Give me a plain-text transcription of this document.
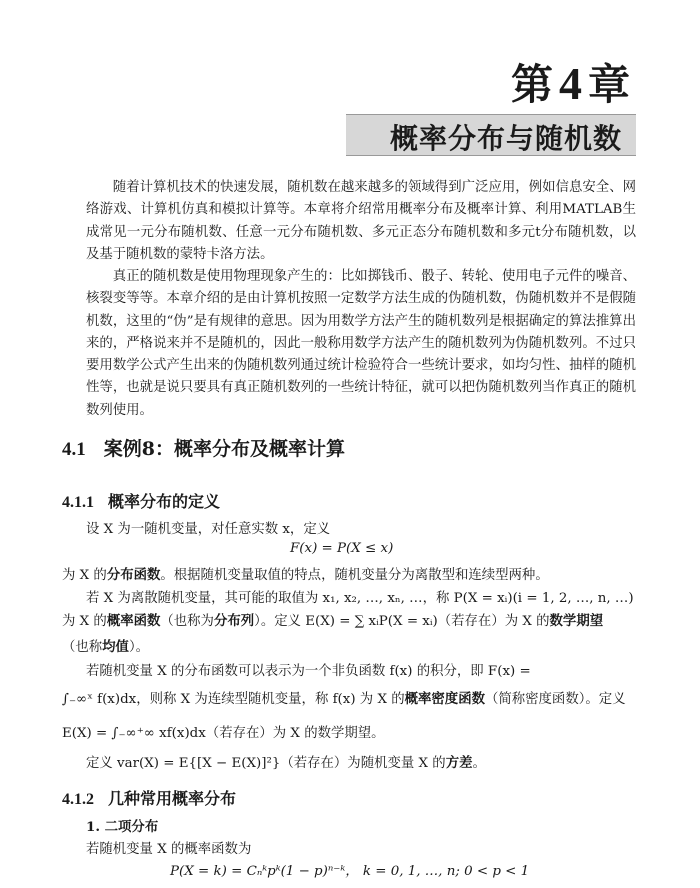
第4章
概率分布与随机数

随着计算机技术的快速发展，随机数在越来越多的领域得到广泛应用，例如信息安全、网络游戏、计算机仿真和模拟计算等。本章将介绍常用概率分布及概率计算、利用MATLAB生成常见一元分布随机数、任意一元分布随机数、多元正态分布随机数和多元t分布随机数，以及基于随机数的蒙特卡洛方法。

真正的随机数是使用物理现象产生的：比如掷钱币、骰子、转轮、使用电子元件的噪音、核裂变等等。本章介绍的是由计算机按照一定数学方法生成的伪随机数，伪随机数并不是假随机数，这里的“伪”是有规律的意思。因为用数学方法产生的随机数列是根据确定的算法推算出来的，严格说来并不是随机的，因此一般称用数学方法产生的随机数列为伪随机数列。不过只要用数学公式产生出来的伪随机数列通过统计检验符合一些统计要求，如均匀性、抽样的随机性等，也就是说只要具有真正随机数列的一些统计特征，就可以把伪随机数列当作真正的随机数列使用。

4.1 案例8：概率分布及概率计算
4.1.1 概率分布的定义
设 X 为一随机变量，对任意实数 x，定义
F(x) = P(X ≤ x)
为 X 的分布函数。根据随机变量取值的特点，随机变量分为离散型和连续型两种。
若 X 为离散随机变量，其可能的取值为 x₁, x₂, …, xₙ, …，称 P(X = xᵢ)(i = 1, 2, …, n, …)
为 X 的概率函数（也称为分布列）。定义 E(X) = ∑ xᵢP(X = xᵢ)（若存在）为 X 的数学期望
（也称均值）。
若随机变量 X 的分布函数可以表示为一个非负函数 f(x) 的积分，即 F(x) =
∫₋∞ˣ f(x)dx，则称 X 为连续型随机变量，称 f(x) 为 X 的概率密度函数（简称密度函数）。定义
E(X) = ∫₋∞⁺∞ xf(x)dx（若存在）为 X 的数学期望。
定义 var(X) = E{[X − E(X)]²}（若存在）为随机变量 X 的方差。
4.1.2 几种常用概率分布
1. 二项分布
若随机变量 X 的概率函数为
P(X = k) = Cₙᵏpᵏ(1 − p)ⁿ⁻ᵏ， k = 0, 1, …, n; 0 < p < 1
